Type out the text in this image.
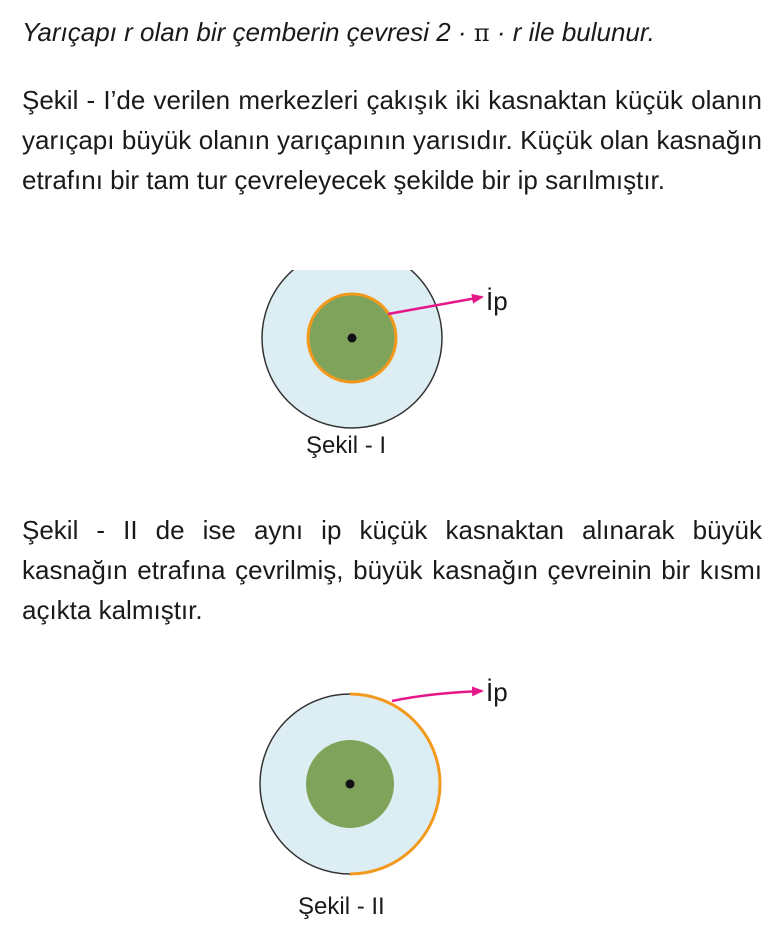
Yarıçapı r olan bir çemberin çevresi 2 · π · r ile bulunur.
Şekil - I’de verilen merkezleri çakışık iki kasnaktan küçük olanın yarıçapı büyük olanın yarıçapının yarısıdır. Küçük olan kasnağın etrafını bir tam tur çevreleyecek şekilde bir ip sarılmıştır.
İp
Şekil - I
Şekil - II de ise aynı ip küçük kasnaktan alınarak büyük kasnağın etrafına çevrilmiş, büyük kasnağın çevreinin bir kısmı açıkta kalmıştır.
İp
Şekil - II
